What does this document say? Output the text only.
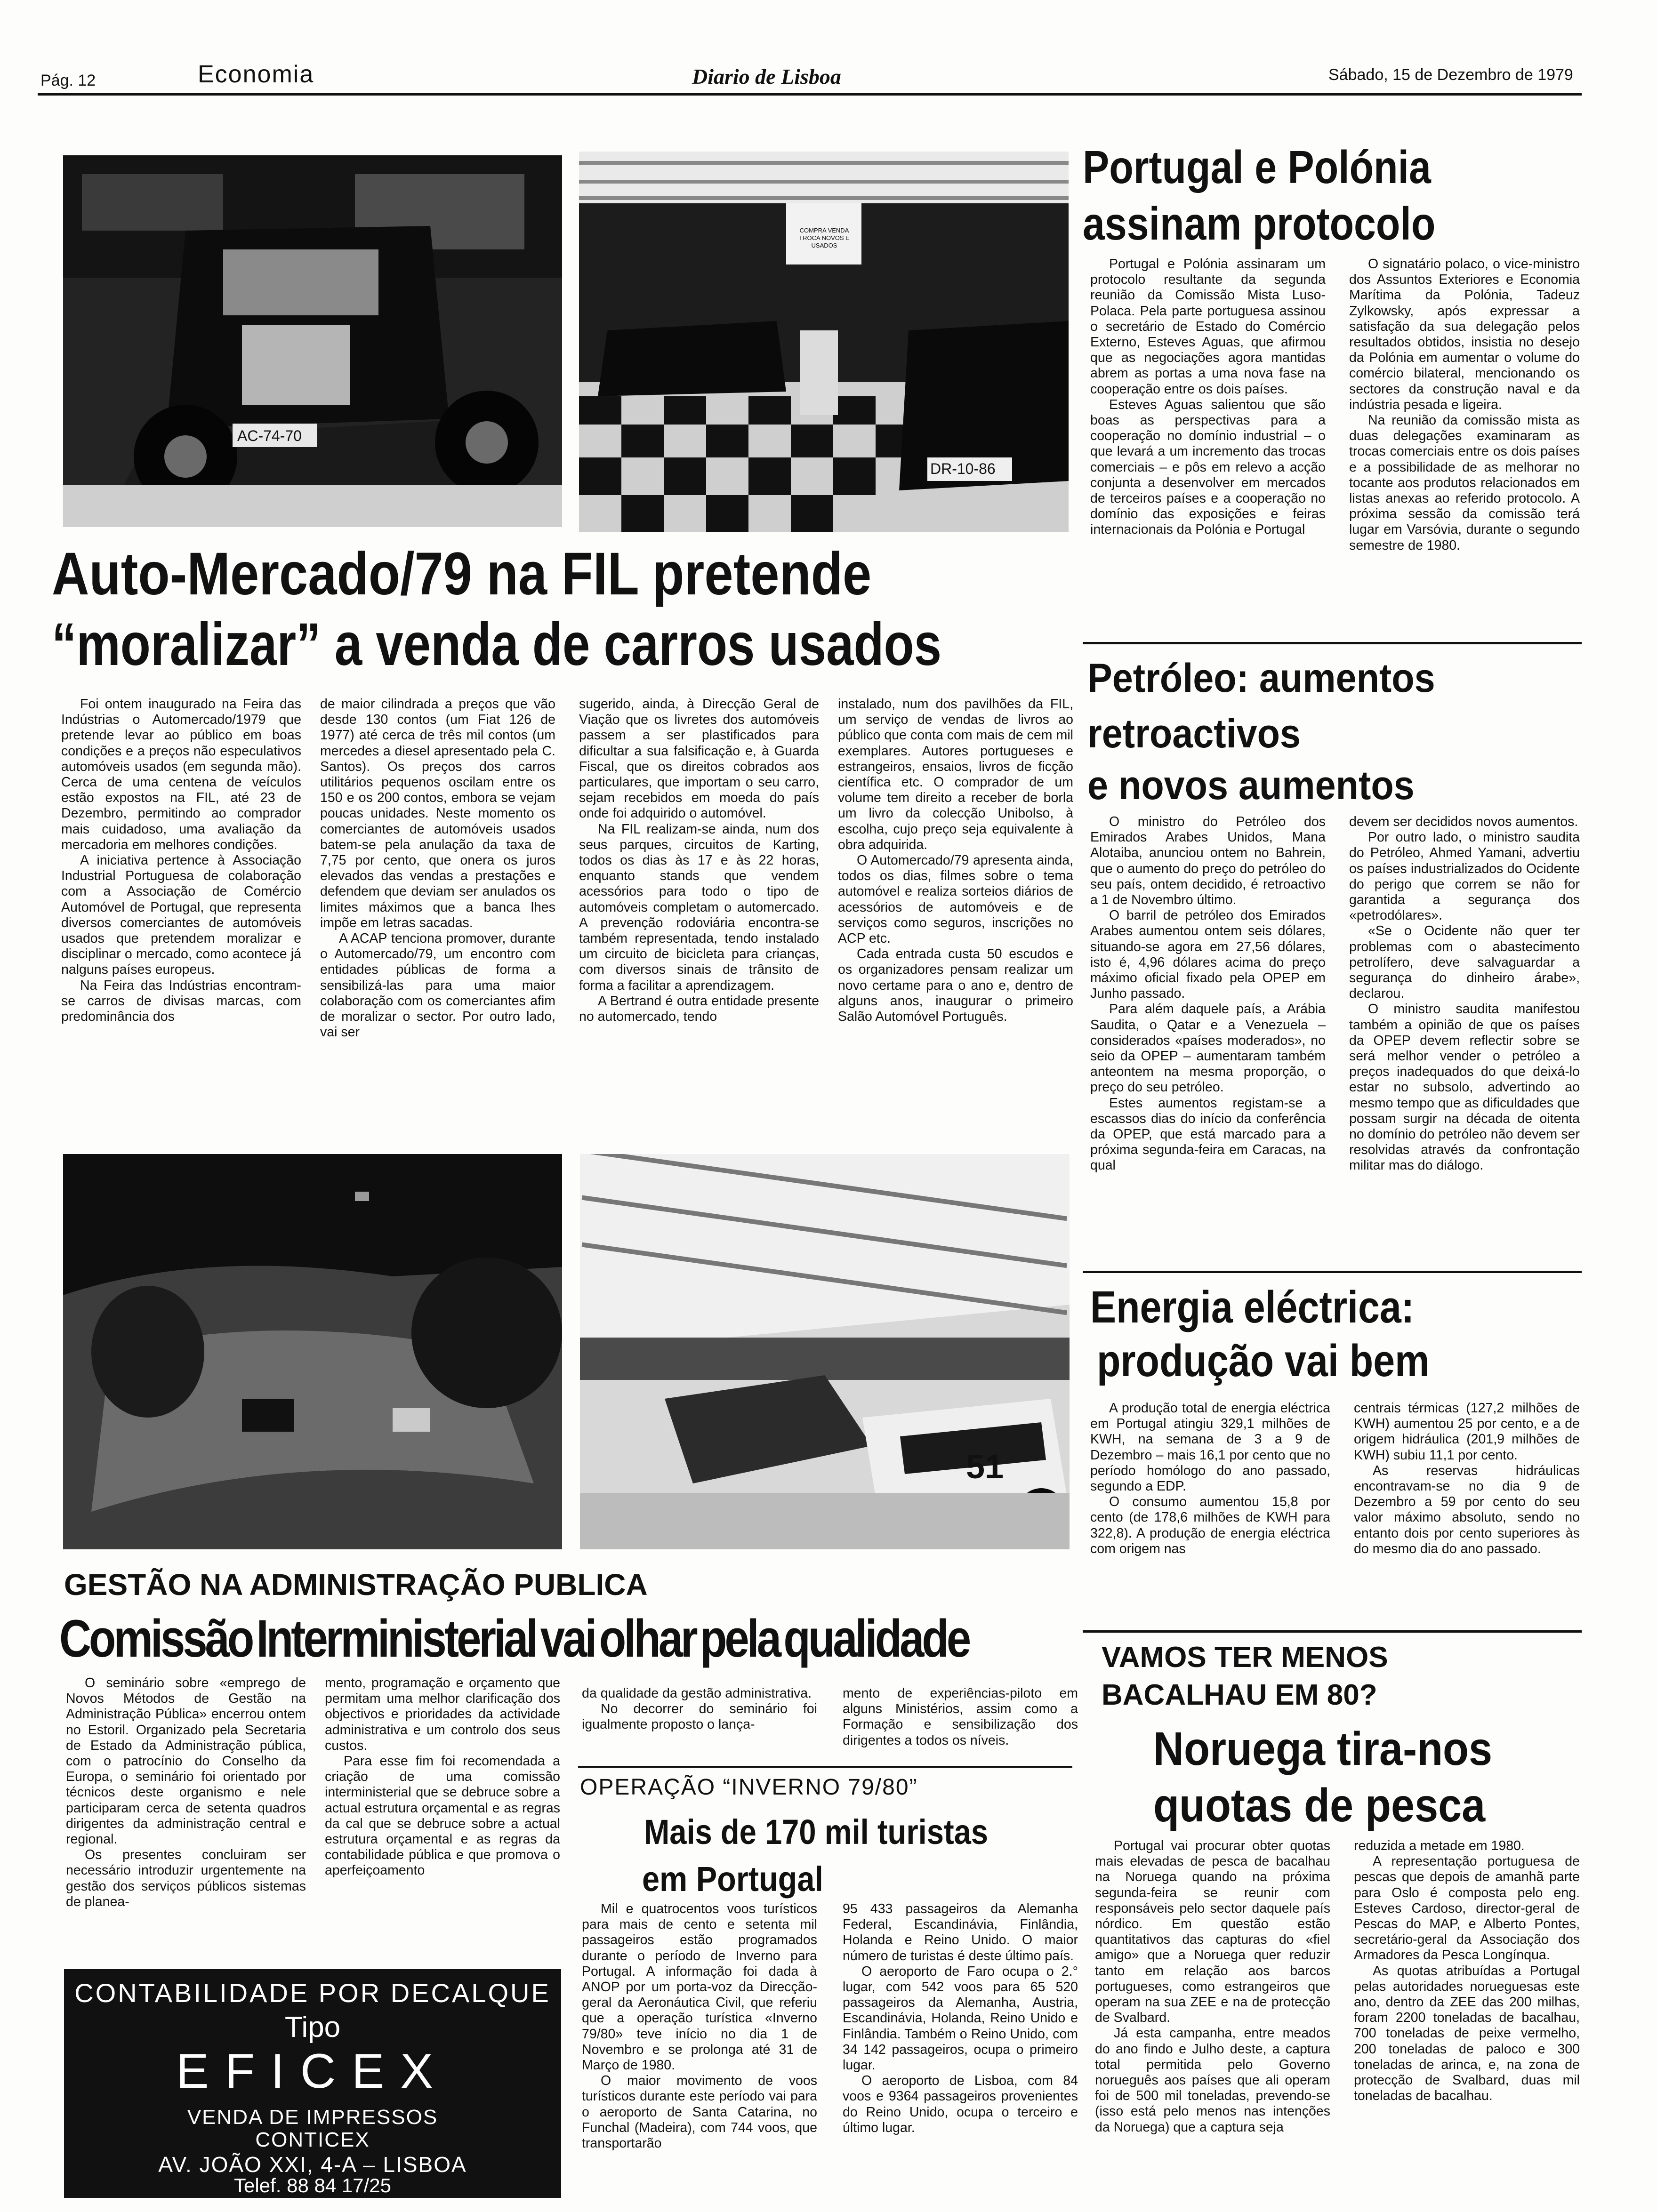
Pág. 12	Economia	Diario de Lisboa	Sábado, 15 de Dezembro de 1979
AC-74-70
COMPRA VENDA TROCA NOVOS E USADOS
DR-10-86
Auto-Mercado/79 na FIL pretende
“moralizar” a venda de carros usados

Foi ontem inaugurado na Feira das Indústrias o Automercado/1979 que pretende levar ao público em boas condições e a preços não especulativos automóveis usados (em segunda mão). Cerca de uma centena de veículos estão expostos na FIL, até 23 de Dezembro, permitindo ao comprador mais cuidadoso, uma avaliação da mercadoria em melhores condições.

A iniciativa pertence à Associação Industrial Portuguesa de colaboração com a Associação de Comércio Automóvel de Portugal, que representa diversos comerciantes de automóveis usados que pretendem moralizar e disciplinar o mercado, como acontece já nalguns países europeus.

Na Feira das Indústrias encontram-se carros de divisas marcas, com predominância dos

de maior cilindrada a preços que vão desde 130 contos (um Fiat 126 de 1977) até cerca de três mil contos (um mercedes a diesel apresentado pela C. Santos). Os preços dos carros utilitários pequenos oscilam entre os 150 e os 200 contos, embora se vejam poucas unidades. Neste momento os comerciantes de automóveis usados batem-se pela anulação da taxa de 7,75 por cento, que onera os juros elevados das vendas a prestações e defendem que deviam ser anulados os limites máximos que a banca lhes impõe em letras sacadas.

A ACAP tenciona promover, durante o Automercado/79, um encontro com entidades públicas de forma a sensibilizá-las para uma maior colaboração com os comerciantes afim de moralizar o sector. Por outro lado, vai ser

sugerido, ainda, à Direcção Geral de Viação que os livretes dos automóveis passem a ser plastificados para dificultar a sua falsificação e, à Guarda Fiscal, que os direitos cobrados aos particulares, que importam o seu carro, sejam recebidos em moeda do país onde foi adquirido o automóvel.

Na FIL realizam-se ainda, num dos seus parques, circuitos de Karting, todos os dias às 17 e às 22 horas, enquanto stands que vendem acessórios para todo o tipo de automóveis completam o automercado. A prevenção rodoviária encontra-se também representada, tendo instalado um circuito de bicicleta para crianças, com diversos sinais de trânsito de forma a facilitar a aprendizagem.

A Bertrand é outra entidade presente no automercado, tendo

instalado, num dos pavilhões da FIL, um serviço de vendas de livros ao público que conta com mais de cem mil exemplares. Autores portugueses e estrangeiros, ensaios, livros de ficção científica etc. O comprador de um volume tem direito a receber de borla um livro da colecção Unibolso, à escolha, cujo preço seja equivalente à obra adquirida.

O Automercado/79 apresenta ainda, todos os dias, filmes sobre o tema automóvel e realiza sorteios diários de acessórios de automóveis e de serviços como seguros, inscrições no ACP etc.

Cada entrada custa 50 escudos e os organizadores pensam realizar um novo certame para o ano e, dentro de alguns anos, inaugurar o primeiro Salão Automóvel Português.

51
GESTÃO NA ADMINISTRAÇÃO PUBLICA
Comissão Interministerial vai olhar pela qualidade

O seminário sobre «emprego de Novos Métodos de Gestão na Administração Pública» encerrou ontem no Estoril. Organizado pela Secretaria de Estado da Administração pública, com o patrocínio do Conselho da Europa, o seminário foi orientado por técnicos deste organismo e nele participaram cerca de setenta quadros dirigentes da administração central e regional.

Os presentes concluiram ser necessário introduzir urgentemente na gestão dos serviços públicos sistemas de planea-

mento, programação e orçamento que permitam uma melhor clarificação dos objectivos e prioridades da actividade administrativa e um controlo dos seus custos.

Para esse fim foi recomendada a criação de uma comissão interministerial que se debruce sobre a actual estrutura orçamental e as regras da cal que se debruce sobre a actual estrutura orçamental e as regras da contabilidade pública e que promova o aperfeiçoamento

da qualidade da gestão administrativa.

No decorrer do seminário foi igualmente proposto o lança-

mento de experiências-piloto em alguns Ministérios, assim como a Formação e sensibilização dos dirigentes a todos os níveis.

OPERAÇÃO “INVERNO 79/80”
Mais de 170 mil turistas
em Portugal

Mil e quatrocentos voos turísticos para mais de cento e setenta mil passageiros estão programados durante o período de Inverno para Portugal. A informação foi dada à ANOP por um porta-voz da Direcção-geral da Aeronáutica Civil, que referiu que a operação turística «Inverno 79/80» teve início no dia 1 de Novembro e se prolonga até 31 de Março de 1980.

O maior movimento de voos turísticos durante este período vai para o aeroporto de Santa Catarina, no Funchal (Madeira), com 744 voos, que transportarão

95 433 passageiros da Alemanha Federal, Escandinávia, Finlândia, Holanda e Reino Unido. O maior número de turistas é deste último país.

O aeroporto de Faro ocupa o 2.° lugar, com 542 voos para 65 520 passageiros da Alemanha, Austria, Escandinávia, Holanda, Reino Unido e Finlândia. Também o Reino Unido, com 34 142 passageiros, ocupa o primeiro lugar.

O aeroporto de Lisboa, com 84 voos e 9364 passageiros provenientes do Reino Unido, ocupa o terceiro e último lugar.

CONTABILIDADE POR DECALQUE
Tipo
EFICEX
VENDA DE IMPRESSOS
CONTICEX
AV. JOÃO XXI, 4-A – LISBOA
Telef. 88 84 17/25
Portugal e Polónia
assinam protocolo

Portugal e Polónia assinaram um protocolo resultante da segunda reunião da Comissão Mista Luso-Polaca. Pela parte portuguesa assinou o secretário de Estado do Comércio Externo, Esteves Aguas, que afirmou que as negociações agora mantidas abrem as portas a uma nova fase na cooperação entre os dois países.

Esteves Aguas salientou que são boas as perspectivas para a cooperação no domínio industrial – o que levará a um incremento das trocas comerciais – e pôs em relevo a acção conjunta a desenvolver em mercados de terceiros países e a cooperação no domínio das exposições e feiras internacionais da Polónia e Portugal

O signatário polaco, o vice-ministro dos Assuntos Exteriores e Economia Marítima da Polónia, Tadeuz Zylkowsky, após expressar a satisfação da sua delegação pelos resultados obtidos, insistia no desejo da Polónia em aumentar o volume do comércio bilateral, mencionando os sectores da construção naval e da indústria pesada e ligeira.

Na reunião da comissão mista as duas delegações examinaram as trocas comerciais entre os dois países e a possibilidade de as melhorar no tocante aos produtos relacionados em listas anexas ao referido protocolo. A próxima sessão da comissão terá lugar em Varsóvia, durante o segundo semestre de 1980.

Petróleo: aumentos
retroactivos
e novos aumentos

O ministro do Petróleo dos Emirados Arabes Unidos, Mana Alotaiba, anunciou ontem no Bahrein, que o aumento do preço do petróleo do seu país, ontem decidido, é retroactivo a 1 de Novembro último.

O barril de petróleo dos Emirados Arabes aumentou ontem seis dólares, situando-se agora em 27,56 dólares, isto é, 4,96 dólares acima do preço máximo oficial fixado pela OPEP em Junho passado.

Para além daquele país, a Arábia Saudita, o Qatar e a Venezuela – considerados «países moderados», no seio da OPEP – aumentaram também anteontem na mesma proporção, o preço do seu petróleo.

Estes aumentos registam-se a escassos dias do início da conferência da OPEP, que está marcado para a próxima segunda-feira em Caracas, na qual

devem ser decididos novos aumentos.

Por outro lado, o ministro saudita do Petróleo, Ahmed Yamani, advertiu os países industrializados do Ocidente do perigo que correm se não for garantida a segurança dos «petrodólares».

«Se o Ocidente não quer ter problemas com o abastecimento petrolífero, deve salvaguardar a segurança do dinheiro árabe», declarou.

O ministro saudita manifestou também a opinião de que os países da OPEP devem reflectir sobre se será melhor vender o petróleo a preços inadequados do que deixá-lo estar no subsolo, advertindo ao mesmo tempo que as dificuldades que possam surgir na década de oitenta no domínio do petróleo não devem ser resolvidas através da confrontação militar mas do diálogo.

Energia eléctrica:
produção vai bem

A produção total de energia eléctrica em Portugal atingiu 329,1 milhões de KWH, na semana de 3 a 9 de Dezembro – mais 16,1 por cento que no período homólogo do ano passado, segundo a EDP.

O consumo aumentou 15,8 por cento (de 178,6 milhões de KWH para 322,8). A produção de energia eléctrica com origem nas

centrais térmicas (127,2 milhões de KWH) aumentou 25 por cento, e a de origem hidráulica (201,9 milhões de KWH) subiu 11,1 por cento.

As reservas hidráulicas encontravam-se no dia 9 de Dezembro a 59 por cento do seu valor máximo absoluto, sendo no entanto dois por cento superiores às do mesmo dia do ano passado.

VAMOS TER MENOS
BACALHAU EM 80?
Noruega tira-nos
quotas de pesca

Portugal vai procurar obter quotas mais elevadas de pesca de bacalhau na Noruega quando na próxima segunda-feira se reunir com responsáveis pelo sector daquele país nórdico. Em questão estão quantitativos das capturas do «fiel amigo» que a Noruega quer reduzir tanto em relação aos barcos portugueses, como estrangeiros que operam na sua ZEE e na de protecção de Svalbard.

Já esta campanha, entre meados do ano findo e Julho deste, a captura total permitida pelo Governo norueguês aos países que ali operam foi de 500 mil toneladas, prevendo-se (isso está pelo menos nas intenções da Noruega) que a captura seja

reduzida a metade em 1980.

A representação portuguesa de pescas que depois de amanhã parte para Oslo é composta pelo eng. Esteves Cardoso, director-geral de Pescas do MAP, e Alberto Pontes, secretário-geral da Associação dos Armadores da Pesca Longínqua.

As quotas atribuídas a Portugal pelas autoridades norueguesas este ano, dentro da ZEE das 200 milhas, foram 2200 toneladas de bacalhau, 700 toneladas de peixe vermelho, 200 toneladas de paloco e 300 toneladas de arinca, e, na zona de protecção de Svalbard, duas mil toneladas de bacalhau.
